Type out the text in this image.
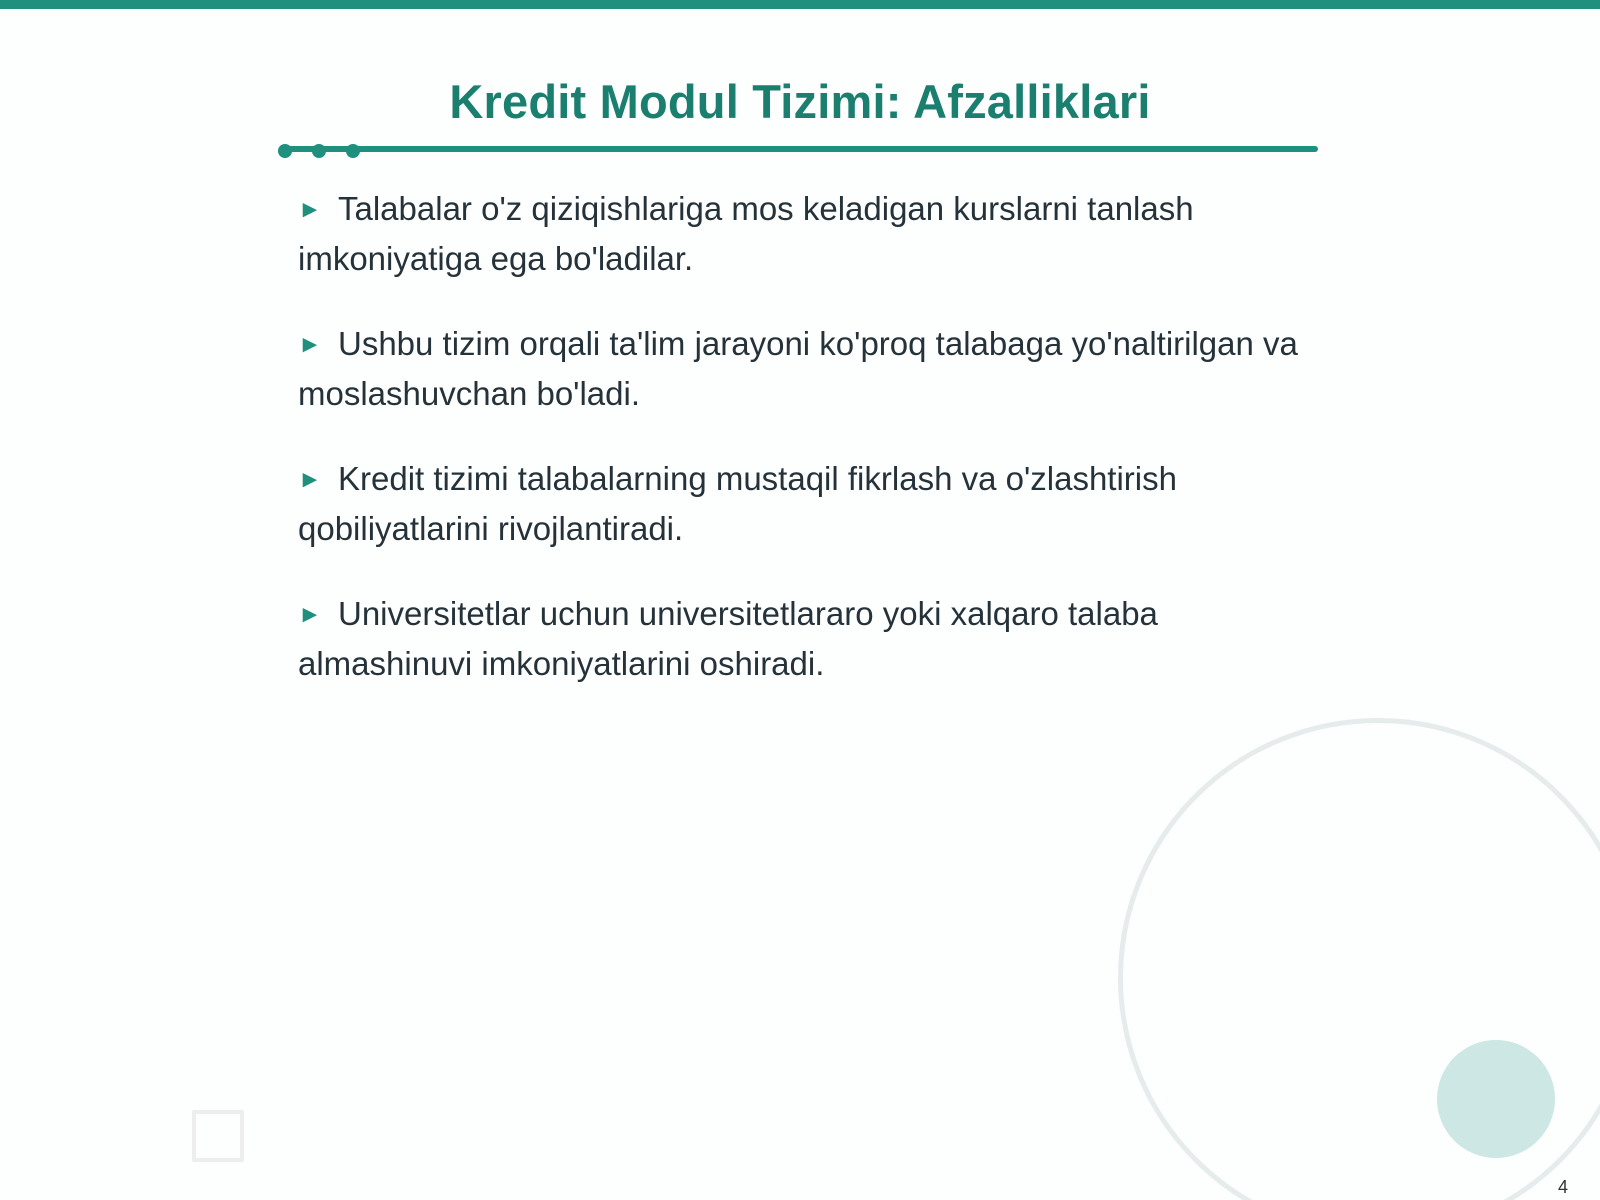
Kredit Modul Tizimi: Afzalliklari
► Talabalar o'z qiziqishlariga mos keladigan kurslarni tanlash imkoniyatiga ega bo'ladilar.
► Ushbu tizim orqali ta'lim jarayoni ko'proq talabaga yo'naltirilgan va moslashuvchan bo'ladi.
► Kredit tizimi talabalarning mustaqil fikrlash va o'zlashtirish qobiliyatlarini rivojlantiradi.
► Universitetlar uchun universitetlararo yoki xalqaro talaba almashinuvi imkoniyatlarini oshiradi.
4
